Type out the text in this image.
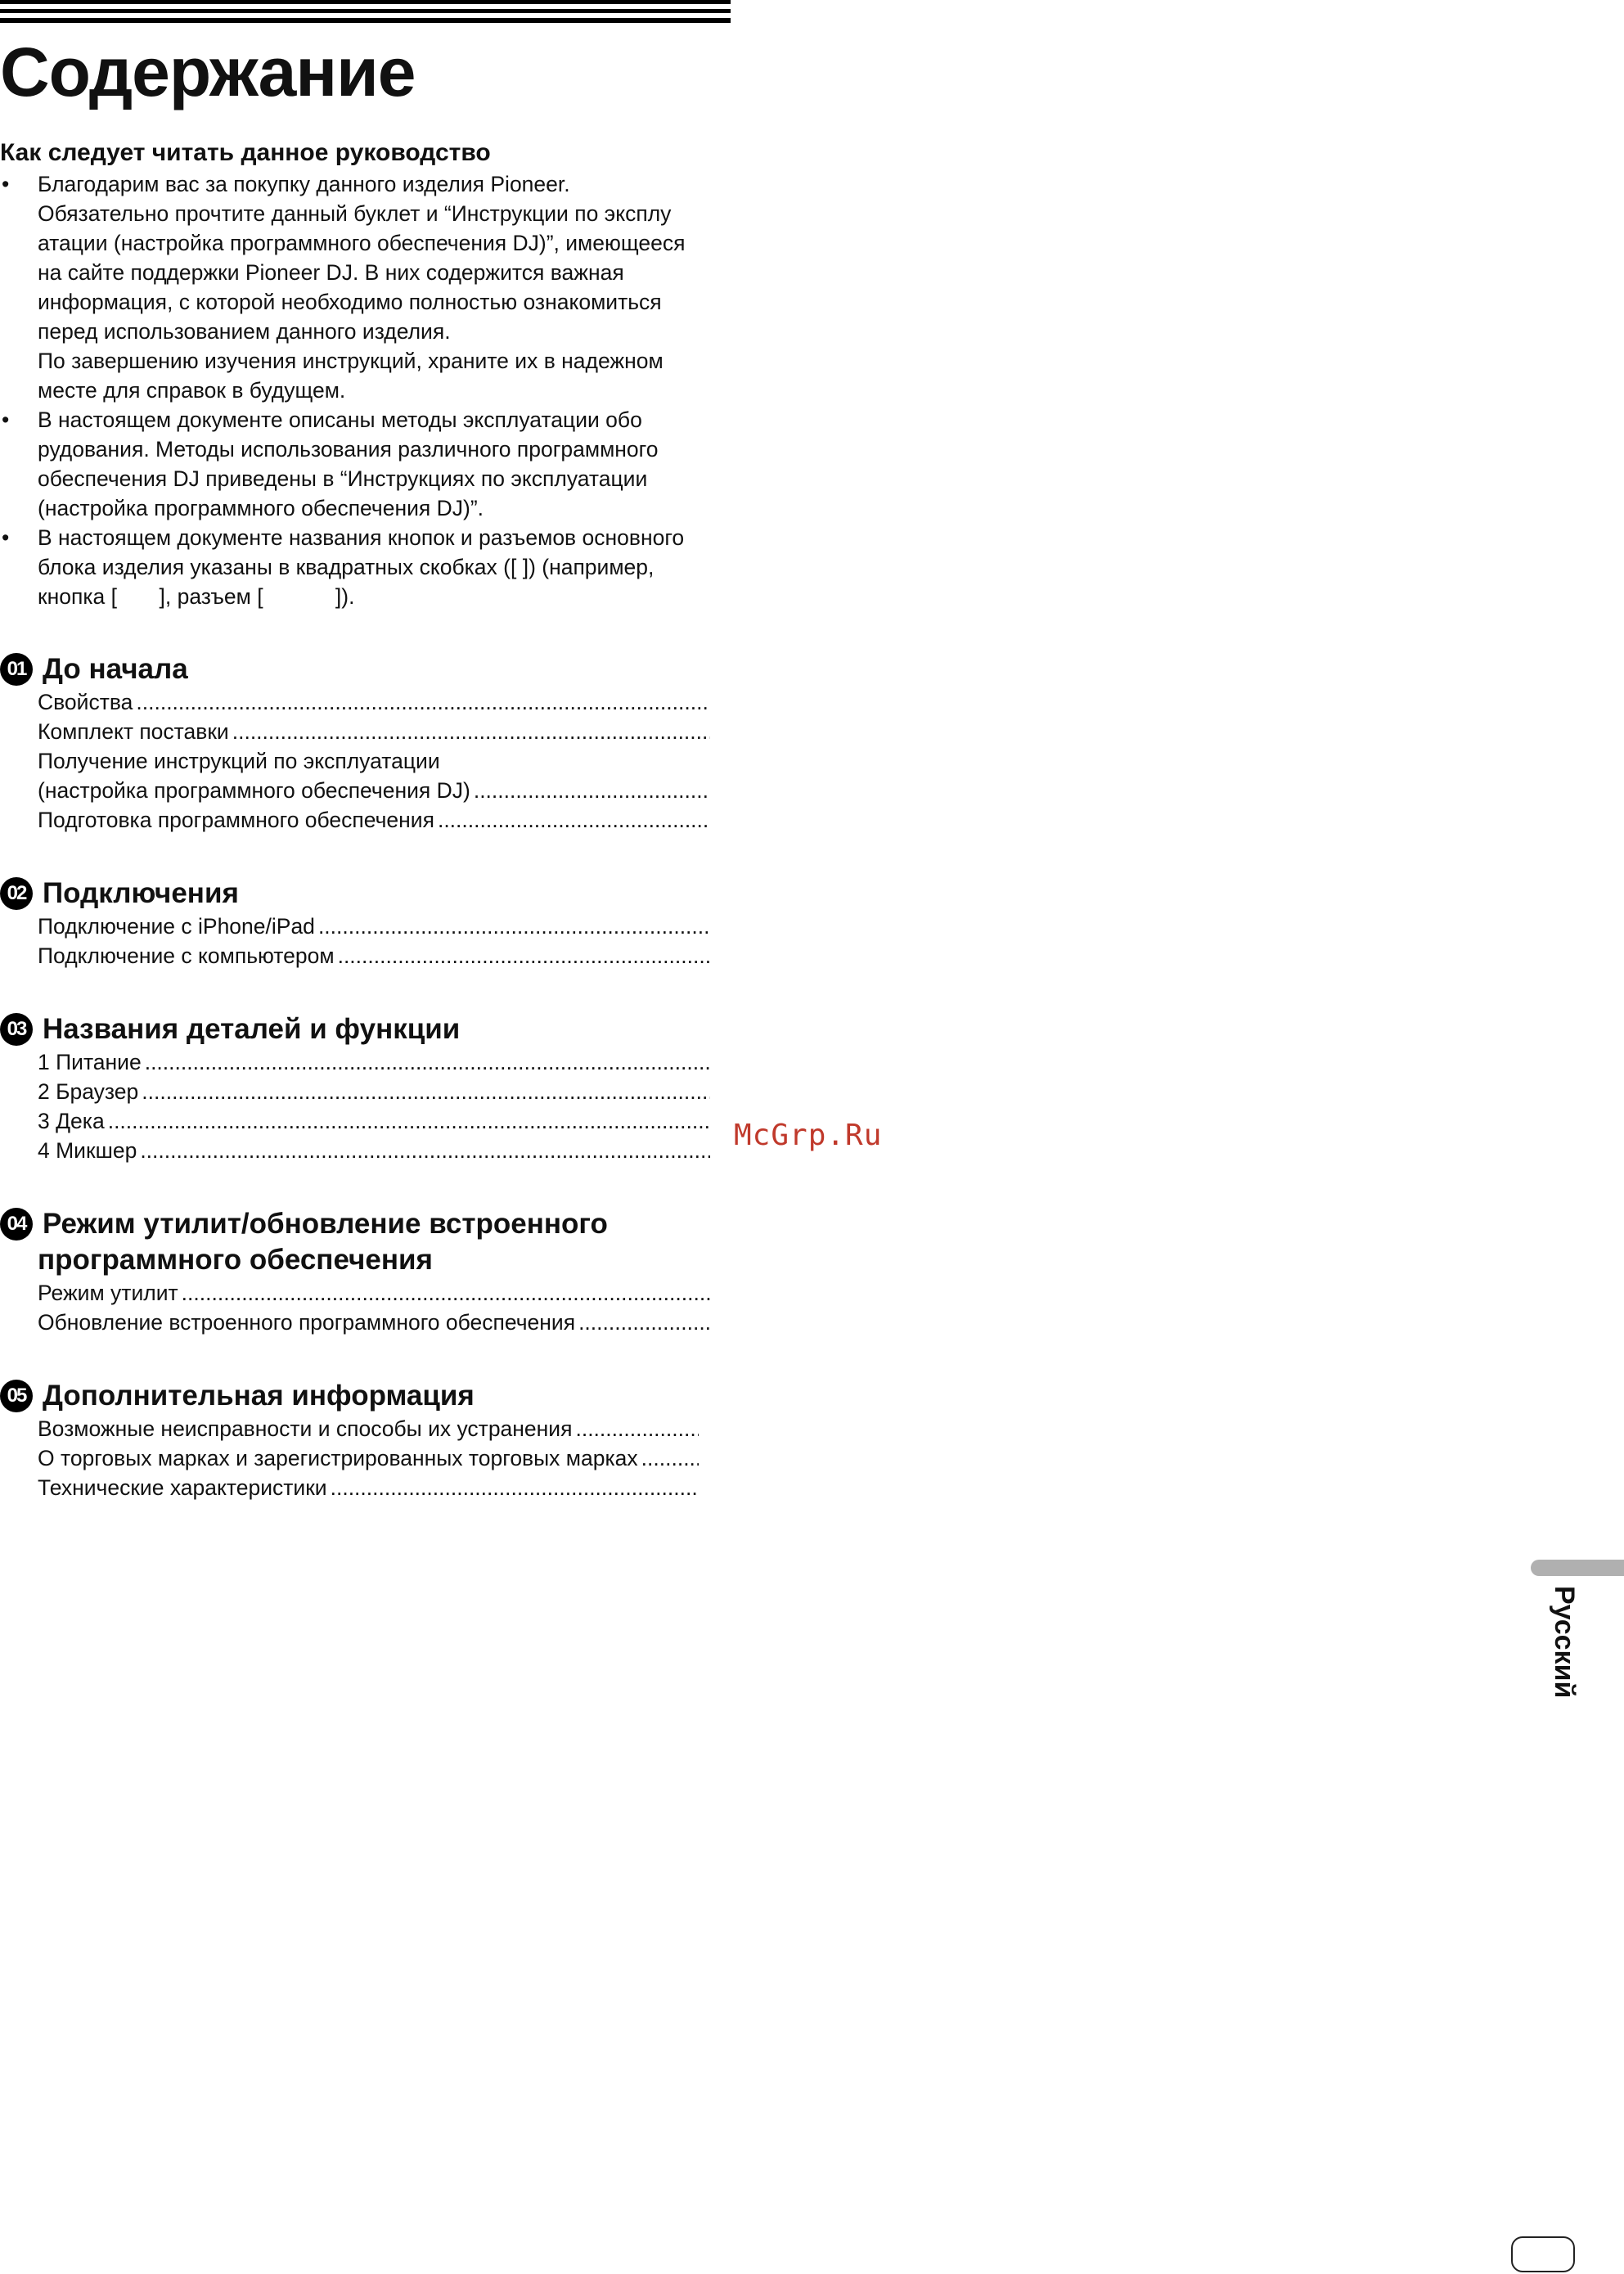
Содержание
Как следует читать данное руководство
• Благодарим вас за покупку данного изделия Pioneer.
Обязательно прочтите данный буклет и “Инструкции по эксплу
атации (настройка программного обеспечения DJ)”, имеющееся
на сайте поддержки Pioneer DJ. В них содержится важная
информация, с которой необходимо полностью ознакомиться
перед использованием данного изделия.
По завершению изучения инструкций, храните их в надежном
месте для справок в будущем.
• В настоящем документе описаны методы эксплуатации обо
рудования. Методы использования различного программного
обеспечения DJ приведены в “Инструкциях по эксплуатации
(настройка программного обеспечения DJ)”.
• В настоящем документе названия кнопок и разъемов основного
блока изделия указаны в квадратных скобках ([ ]) (например,
кнопка [       ], разъем [            ]).
01 До начала
Свойства
.....
Комплект поставки
.....
Получение инструкций по эксплуатации
(настройка программного обеспечения DJ)
.....
Подготовка программного обеспечения
.....
02 Подключения
Подключение с iPhone/iPad
.....
Подключение с компьютером
.....
03 Названия деталей и функции
1 Питание
.....
2 Браузер
.....
3 Дека
.....
4 Микшер
.....
04 Режим утилит/обновление встроенного
программного обеспечения
Режим утилит
.....
Обновление встроенного программного обеспечения
.....
05 Дополнительная информация
Возможные неисправности и способы их устранения
.....
О торговых марках и зарегистрированных торговых марках
.....
Технические характеристики
.....

McGrp.Ru

Русский
